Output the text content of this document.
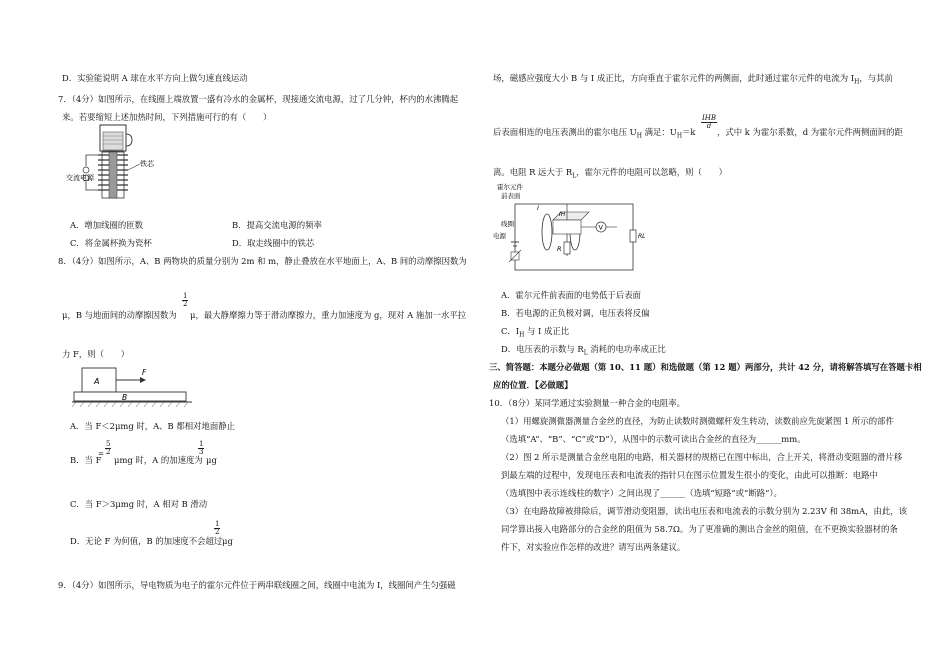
D．实验能说明 A 球在水平方向上做匀速直线运动
7．（4分）如图所示，在线圈上端放置一盛有冷水的金属杯，现接通交流电源，过了几分钟，杯内的水沸腾起
来。若要缩短上述加热时间，下列措施可行的有（　　）
交流电源
铁芯
A．增加线圈的匝数	B．提高交流电源的频率
C．将金属杯换为瓷杯	D．取走线圈中的铁芯
8．（4分）如图所示，A、B 两物块的质量分别为 2m 和 m，静止叠放在水平地面上，A、B 间的动摩擦因数为
μ，B 与地面间的动摩擦因数为
$\frac{1}{2}$
μ，最大静摩擦力等于滑动摩擦力，重力加速度为 g，现对 A 施加一水平拉
力 F，则（　　）
A
F
B
A．当 F＜2μmg 时，A、B 都相对地面静止
B．当 F
= $\frac{5}{2}$
μmg 时，A 的加速度为
$\frac{1}{3}$
μg
C．当 F＞3μmg 时，A 相对 B 滑动
D．无论 F 为何值，B 的加速度不会超过
$\frac{1}{2}$
μg
9．（4分）如图所示，导电物质为电子的霍尔元件位于两串联线圈之间，线圈中电流为 I，线圈间产生匀强磁
场，磁感应强度大小 B 与 I 成正比，方向垂直于霍尔元件的两侧面，此时通过霍尔元件的电流为 $I_H$，与其前
IHB
d
后表面相连的电压表测出的霍尔电压 $U_H$ 满足：$U_H=k$	，式中 k 为霍尔系数，d 为霍尔元件两侧面间的距
离。电阻 R 远大于 $R_L$，霍尔元件的电阻可以忽略，则（　　）
霍尔元件
前表面
线圈
电源
IH
I
V
R
RL
A．霍尔元件前表面的电势低于后表面
B．若电源的正负极对调，电压表将反偏
C．$I_H$ 与 I 成正比
D．电压表的示数与 $R_L$ 消耗的电功率成正比
三、简答题：本题分必做题（第 10、11 题）和选做题（第 12 题）两部分，共计 42 分，请将解答填写在答题卡相
应的位置．【必做题】
10．（8分）某同学通过实验测量一种合金的电阻率。
（1）用螺旋测微器测量合金丝的直径，为防止读数时测微螺杆发生转动，读数前应先旋紧图 1 所示的部件
（选填“A”、“B”、“C”或“D”），从图中的示数可读出合金丝的直径为______mm。
（2）图 2 所示是测量合金丝电阻的电路，相关器材的规格已在图中标出，合上开关，将滑动变阻器的滑片移
到最左端的过程中，发现电压表和电流表的指针只在图示位置发生很小的变化，由此可以推断：电路中
（选填图中表示连线柱的数字）之间出现了______（选填“短路”或“断路”）。
（3）在电路故障被排除后，调节滑动变阻器，读出电压表和电流表的示数分别为 2.23V 和 38mA，由此，该
同学算出接入电路部分的合金丝的阻值为 58.7Ω。为了更准确的测出合金丝的阻值，在不更换实验器材的条
件下，对实验应作怎样的改进？请写出两条建议。
